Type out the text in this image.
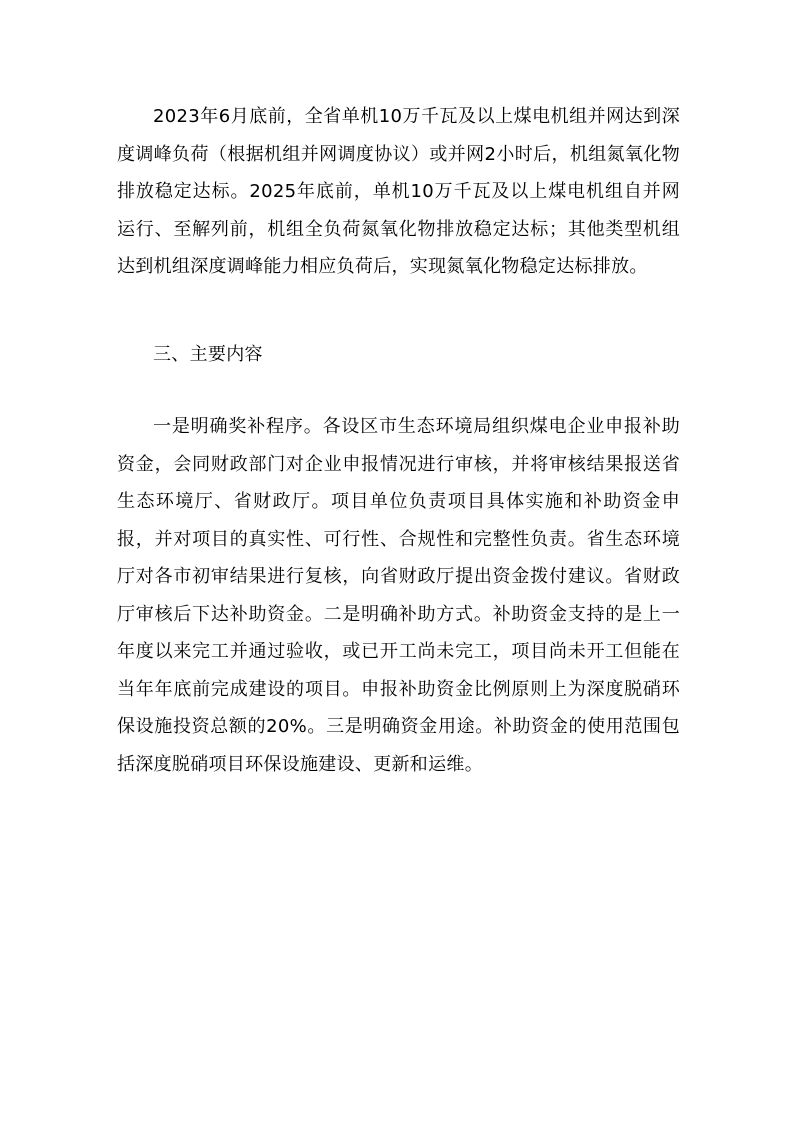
2023年6月底前，全省单机10万千瓦及以上煤电机组并网达到深度调峰负荷（根据机组并网调度协议）或并网2小时后，机组氮氧化物排放稳定达标。2025年底前，单机10万千瓦及以上煤电机组自并网运行、至解列前，机组全负荷氮氧化物排放稳定达标；其他类型机组达到机组深度调峰能力相应负荷后，实现氮氧化物稳定达标排放。

三、主要内容

一是明确奖补程序。各设区市生态环境局组织煤电企业申报补助资金，会同财政部门对企业申报情况进行审核，并将审核结果报送省生态环境厅、省财政厅。项目单位负责项目具体实施和补助资金申报，并对项目的真实性、可行性、合规性和完整性负责。省生态环境厅对各市初审结果进行复核，向省财政厅提出资金拨付建议。省财政厅审核后下达补助资金。二是明确补助方式。补助资金支持的是上一年度以来完工并通过验收，或已开工尚未完工，项目尚未开工但能在当年年底前完成建设的项目。申报补助资金比例原则上为深度脱硝环保设施投资总额的20%。三是明确资金用途。补助资金的使用范围包括深度脱硝项目环保设施建设、更新和运维。
